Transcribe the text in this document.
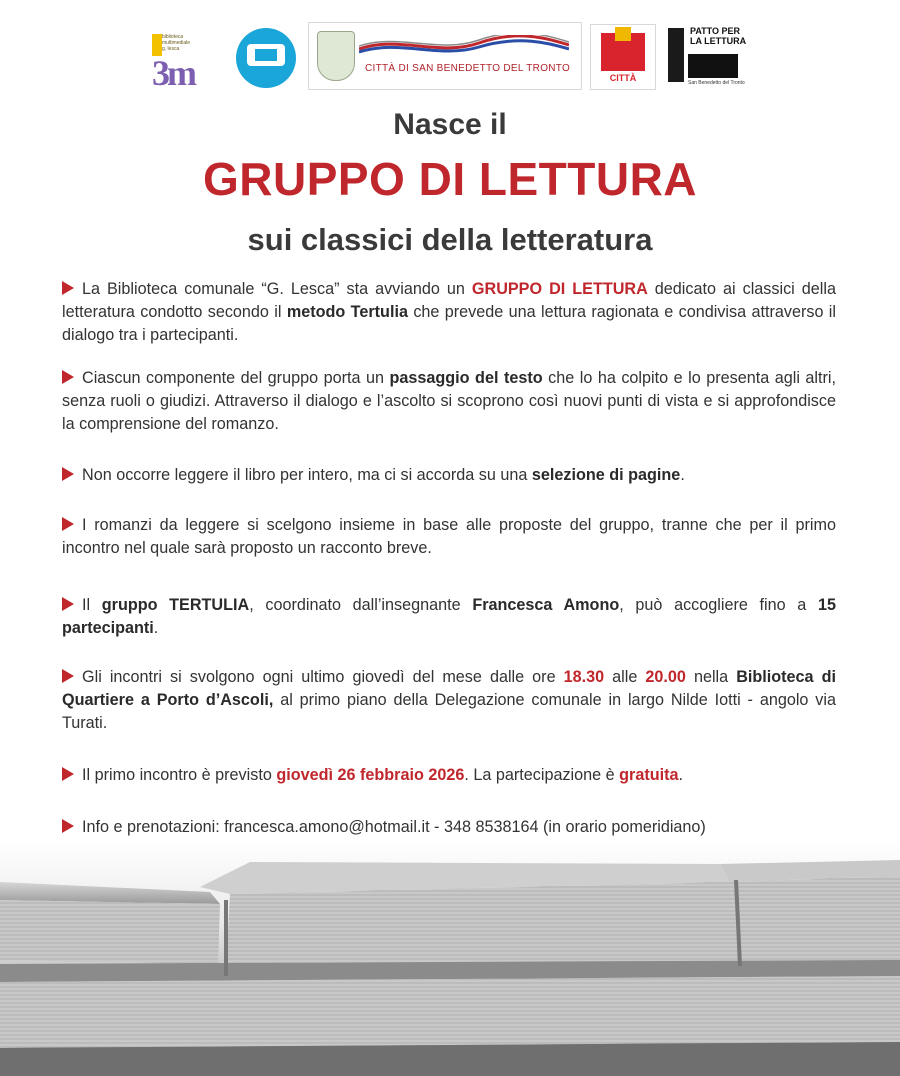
biblioteca multimediale g. lesca
3m	CITTÀ DI SAN BENEDETTO DEL TRONTO
CITTÀ
PATTO PER LA LETTURA
San Benedetto del Tronto
Nasce il
GRUPPO DI LETTURA
sui classici della letteratura
La Biblioteca comunale “G. Lesca” sta avviando un GRUPPO DI LETTURA dedicato ai classici della letteratura condotto secondo il metodo Tertulia che prevede una lettura ragionata e condivisa attraverso il dialogo tra i partecipanti.
Ciascun componente del gruppo porta un passaggio del testo che lo ha colpito e lo presenta agli altri, senza ruoli o giudizi. Attraverso il dialogo e l’ascolto si scoprono così nuovi punti di vista e si approfondisce la comprensione del romanzo.
Non occorre leggere il libro per intero, ma ci si accorda su una selezione di pagine.
I romanzi da leggere si scelgono insieme in base alle proposte del gruppo, tranne che per il primo incontro nel quale sarà proposto un racconto breve.
Il gruppo TERTULIA, coordinato dall’insegnante Francesca Amono, può accogliere fino a 15 partecipanti.
Gli incontri si svolgono ogni ultimo giovedì del mese dalle ore 18.30 alle 20.00 nella Biblioteca di Quartiere a Porto d’Ascoli, al primo piano della Delegazione comunale in largo Nilde Iotti - angolo via Turati.
Il primo incontro è previsto giovedì 26 febbraio 2026. La partecipazione è gratuita.
Info e prenotazioni: francesca.amono@hotmail.it - 348 8538164 (in orario pomeridiano)
